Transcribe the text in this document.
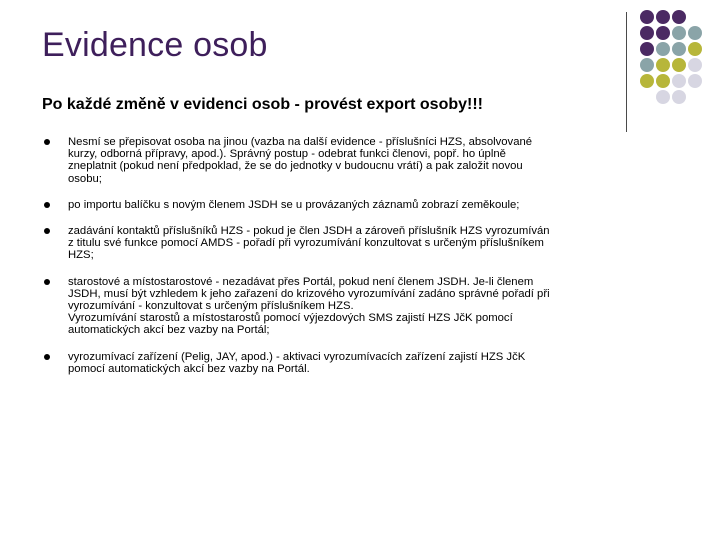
Evidence osob
Po každé změně v evidenci osob - provést export osoby!!!
Nesmí se přepisovat osoba na jinou (vazba na další evidence - příslušníci HZS, absolvované
kurzy, odborná přípravy, apod.). Správný postup - odebrat funkci členovi, popř. ho úplně
zneplatnit (pokud není předpoklad, že se do jednotky v budoucnu vrátí) a pak založit novou
osobu;
po importu balíčku s novým členem JSDH se u provázaných záznamů zobrazí zeměkoule;
zadávání kontaktů příslušníků HZS - pokud je člen JSDH a zároveň příslušník HZS vyrozumíván
z titulu své funkce pomocí AMDS - pořadí při vyrozumívání konzultovat s určeným příslušníkem
HZS;
starostové a místostarostové - nezadávat přes Portál, pokud není členem JSDH. Je-li členem
JSDH, musí být vzhledem k jeho zařazení do krizového vyrozumívání zadáno správné pořadí při
vyrozumívání - konzultovat s určeným příslušníkem HZS.
Vyrozumívání starostů a místostarostů pomocí výjezdových SMS zajistí HZS JčK pomocí
automatických akcí bez vazby na Portál;
vyrozumívací zařízení (Pelig, JAY, apod.) - aktivaci vyrozumívacích zařízení zajistí HZS JčK
pomocí automatických akcí bez vazby na Portál.
